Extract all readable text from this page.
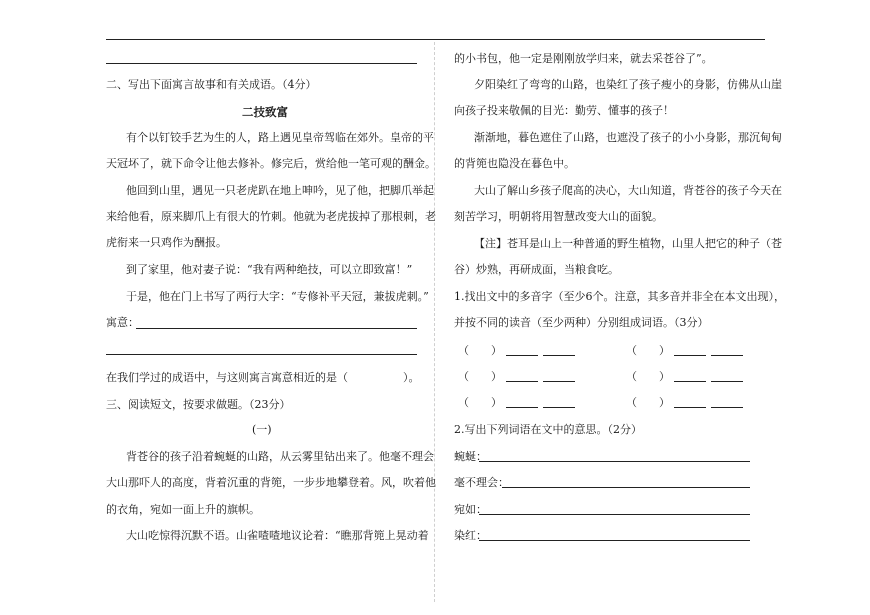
二、写出下面寓言故事和有关成语。（4分）
二技致富
有个以钉铰手艺为生的人，路上遇见皇帝驾临在郊外。皇帝的平
天冠坏了，就下命令让他去修补。修完后，赏给他一笔可观的酬金。
他回到山里，遇见一只老虎趴在地上呻吟，见了他，把脚爪举起
来给他看，原来脚爪上有很大的竹刺。他就为老虎拔掉了那根刺，老
虎衔来一只鸡作为酬报。
到了家里，他对妻子说：“我有两种绝技，可以立即致富！”
于是，他在门上书写了两行大字：“专修补平天冠，兼拔虎刺。”
寓意：
在我们学过的成语中，与这则寓言寓意相近的是（　　　　　）。
三、阅读短文，按要求做题。（23分）
(一)
背苍谷的孩子沿着蜿蜒的山路，从云雾里钻出来了。他毫不理会
大山那吓人的高度，背着沉重的背篼，一步步地攀登着。风，吹着他
的衣角，宛如一面上升的旗帜。
大山吃惊得沉默不语。山雀喳喳地议论着：“瞧那背篼上晃动着
的小书包，他一定是刚刚放学归来，就去采苍谷了”。
夕阳染红了弯弯的山路，也染红了孩子瘦小的身影，仿佛从山崖
向孩子投来敬佩的目光：勤劳、懂事的孩子！
渐渐地，暮色遮住了山路，也遮没了孩子的小小身影，那沉甸甸
的背篼也隐没在暮色中。
大山了解山乡孩子爬高的决心，大山知道，背苍谷的孩子今天在
刻苦学习，明朝将用智慧改变大山的面貌。
【注】苍耳是山上一种普通的野生植物，山里人把它的种子（苍
谷）炒熟，再研成面，当粮食吃。
1.找出文中的多音字（至少6个。注意，其多音并非全在本文出现），
并按不同的读音（至少两种）分别组成词语。（3分）
（　　）	（　　）
（　　）	（　　）
（　　）	（　　）
2.写出下列词语在文中的意思。（2分）
蜿蜒：
毫不理会：
宛如：
染红：
